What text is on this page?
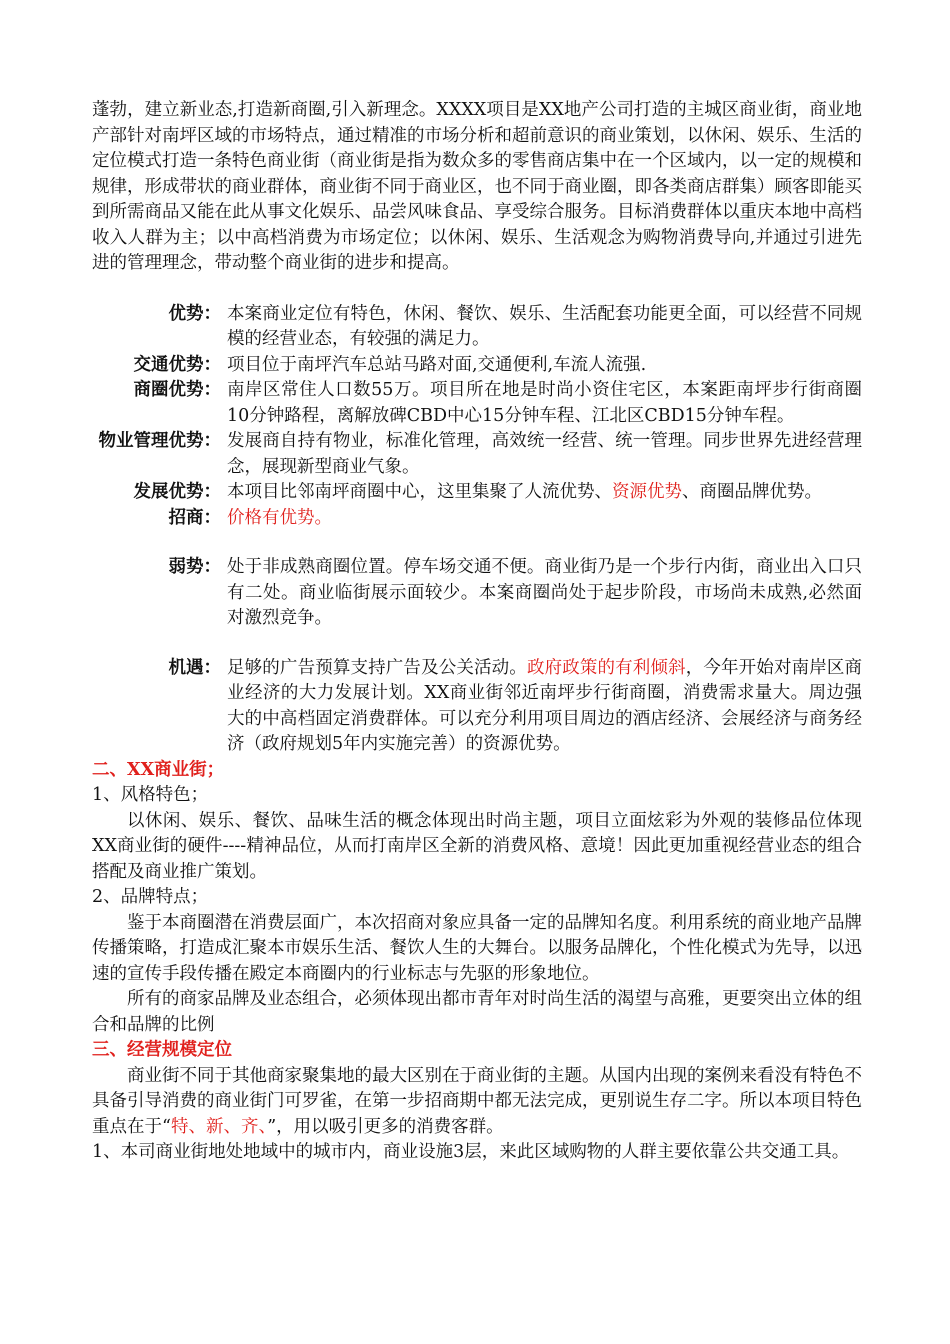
蓬勃，建立新业态,打造新商圈,引入新理念。XXXX项目是XX地产公司打造的主城区商业街，商业地产部针对南坪区域的市场特点，通过精准的市场分析和超前意识的商业策划，以休闲、娱乐、生活的定位模式打造一条特色商业街（商业街是指为数众多的零售商店集中在一个区域内，以一定的规模和规律，形成带状的商业群体，商业街不同于商业区，也不同于商业圈，即各类商店群集）顾客即能买到所需商品又能在此从事文化娱乐、品尝风味食品、享受综合服务。目标消费群体以重庆本地中高档收入人群为主；以中高档消费为市场定位；以休闲、娱乐、生活观念为购物消费导向,并通过引进先进的管理理念，带动整个商业街的进步和提高。

优势： 本案商业定位有特色，休闲、餐饮、娱乐、生活配套功能更全面，可以经营不同规模的经营业态，有较强的满足力。
交通优势： 项目位于南坪汽车总站马路对面,交通便利,车流人流强.
商圈优势： 南岸区常住人口数55万。项目所在地是时尚小资住宅区，本案距南坪步行街商圈10分钟路程，离解放碑CBD中心15分钟车程、江北区CBD15分钟车程。
物业管理优势： 发展商自持有物业，标准化管理，高效统一经营、统一管理。同步世界先进经营理念，展现新型商业气象。
发展优势： 本项目比邻南坪商圈中心，这里集聚了人流优势、资源优势、商圈品牌优势。
招商： 价格有优势。
弱势： 处于非成熟商圈位置。停车场交通不便。商业街乃是一个步行内街，商业出入口只有二处。商业临街展示面较少。本案商圈尚处于起步阶段，市场尚未成熟,必然面对激烈竞争。
机遇： 足够的广告预算支持广告及公关活动。政府政策的有利倾斜，今年开始对南岸区商业经济的大力发展计划。XX商业街邻近南坪步行街商圈，消费需求量大。周边强大的中高档固定消费群体。可以充分利用项目周边的酒店经济、会展经济与商务经济（政府规划5年内实施完善）的资源优势。

二、XX商业街；

1、风格特色；

以休闲、娱乐、餐饮、品味生活的概念体现出时尚主题，项目立面炫彩为外观的装修品位体现XX商业街的硬件----精神品位，从而打南岸区全新的消费风格、意境！因此更加重视经营业态的组合搭配及商业推广策划。

2、品牌特点；

鉴于本商圈潜在消费层面广，本次招商对象应具备一定的品牌知名度。利用系统的商业地产品牌传播策略，打造成汇聚本市娱乐生活、餐饮人生的大舞台。以服务品牌化，个性化模式为先导，以迅速的宣传手段传播在殿定本商圈内的行业标志与先驱的形象地位。

所有的商家品牌及业态组合，必须体现出都市青年对时尚生活的渴望与高雅，更要突出立体的组合和品牌的比例

三、经营规模定位

商业街不同于其他商家聚集地的最大区别在于商业街的主题。从国内出现的案例来看没有特色不具备引导消费的商业街门可罗雀，在第一步招商期中都无法完成，更别说生存二字。所以本项目特色重点在于“特、新、齐、”，用以吸引更多的消费客群。

1、本司商业街地处地域中的城市内，商业设施3层，来此区域购物的人群主要依靠公共交通工具。
